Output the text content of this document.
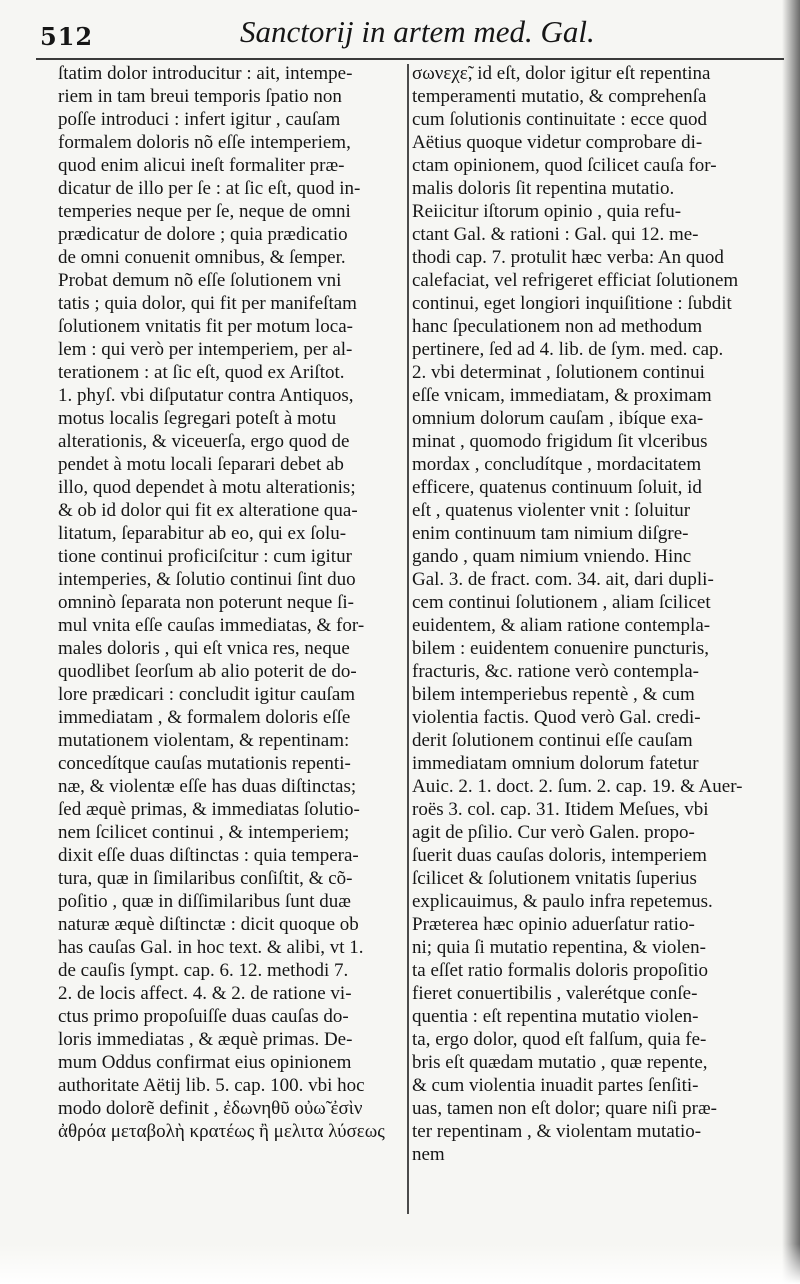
512	Sanctorij in artem med. Gal.
ſtatim dolor introducitur : ait, intempe-
riem in tam breui temporis ſpatio non
poſſe introduci : infert igitur , cauſam
formalem doloris nõ eſſe intemperiem,
quod enim alicui ineſt formaliter præ-
dicatur de illo per ſe : at ſic eſt, quod in-
temperies neque per ſe, neque de omni
prædicatur de dolore ; quia prædicatio
de omni conuenit omnibus, & ſemper.
Probat demum nõ eſſe ſolutionem vni
tatis ; quia dolor, qui fit per manifeſtam
ſolutionem vnitatis fit per motum loca-
lem : qui verò per intemperiem, per al-
terationem : at ſic eſt, quod ex Ariſtot.
1. phyſ. vbi diſputatur contra Antiquos,
motus localis ſegregari poteſt à motu
alterationis, & viceuerſa, ergo quod de
pendet à motu locali ſeparari debet ab
illo, quod dependet à motu alterationis;
& ob id dolor qui fit ex alteratione qua-
litatum, ſeparabitur ab eo, qui ex ſolu-
tione continui proficiſcitur : cum igitur
intemperies, & ſolutio continui ſint duo
omninò ſeparata non poterunt neque ſi-
mul vnita eſſe cauſas immediatas, & for-
males doloris , qui eſt vnica res, neque
quodlibet ſeorſum ab alio poterit de do-
lore prædicari : concludit igitur cauſam
immediatam , & formalem doloris eſſe
mutationem violentam, & repentinam:
concedítque cauſas mutationis repenti-
næ, & violentæ eſſe has duas diſtinctas;
ſed æquè primas, & immediatas ſolutio-
nem ſcilicet continui , & intemperiem;
dixit eſſe duas diſtinctas : quia tempera-
tura, quæ in ſimilaribus conſiſtit, & cõ-
poſitio , quæ in diſſimilaribus ſunt duæ
naturæ æquè diſtinctæ : dicit quoque ob
has cauſas Gal. in hoc text. & alibi, vt 1.
de cauſis ſympt. cap. 6. 12. methodi 7.
2. de locis affect. 4. & 2. de ratione vi-
ctus primo propoſuiſſe duas cauſas do-
loris immediatas , & æquè primas. De-
mum Oddus confirmat eius opinionem
authoritate Aëtij lib. 5. cap. 100. vbi hoc
modo dolorẽ definit , ἐδωνηθῦ οὐω̃ ἐσὶν
ἀθρόα μεταβολὴ κρατέως ἢ μελιτα λύσεως
σωνεχε̃, id eſt, dolor igitur eſt repentina
temperamenti mutatio, & comprehenſa
cum ſolutionis continuitate : ecce quod
Aëtius quoque videtur comprobare di-
ctam opinionem, quod ſcilicet cauſa for-
malis doloris ſit repentina mutatio.
Reiicitur iſtorum opinio , quia refu-
ctant Gal. & rationi : Gal. qui 12. me-
thodi cap. 7. protulit hæc verba: An quod
calefaciat, vel refrigeret efficiat ſolutionem
continui, eget longiori inquiſitione : ſubdit
hanc ſpeculationem non ad methodum
pertinere, ſed ad 4. lib. de ſym. med. cap.
2. vbi determinat , ſolutionem continui
eſſe vnicam, immediatam, & proximam
omnium dolorum cauſam , ibíque exa-
minat , quomodo frigidum ſit vlceribus
mordax , concludítque , mordacitatem
efficere, quatenus continuum ſoluit, id
eſt , quatenus violenter vnit : ſoluitur
enim continuum tam nimium diſgre-
gando , quam nimium vniendo. Hinc
Gal. 3. de fract. com. 34. ait, dari dupli-
cem continui ſolutionem , aliam ſcilicet
euidentem, & aliam ratione contempla-
bilem : euidentem conuenire puncturis,
fracturis, &c. ratione verò contempla-
bilem intemperiebus repentè , & cum
violentia factis. Quod verò Gal. credi-
derit ſolutionem continui eſſe cauſam
immediatam omnium dolorum fatetur
Auic. 2. 1. doct. 2. ſum. 2. cap. 19. & Auer-
roës 3. col. cap. 31. Itidem Meſues, vbi
agit de pſilio. Cur verò Galen. propo-
ſuerit duas cauſas doloris, intemperiem
ſcilicet & ſolutionem vnitatis ſuperius
explicauimus, & paulo infra repetemus.
Præterea hæc opinio aduerſatur ratio-
ni; quia ſi mutatio repentina, & violen-
ta eſſet ratio formalis doloris propoſitio
fieret conuertibilis , valerétque conſe-
quentia : eſt repentina mutatio violen-
ta, ergo dolor, quod eſt falſum, quia fe-
bris eſt quædam mutatio , quæ repente,
& cum violentia inuadit partes ſenſiti-
uas, tamen non eſt dolor; quare niſi præ-
ter repentinam , & violentam mutatio-
nem
